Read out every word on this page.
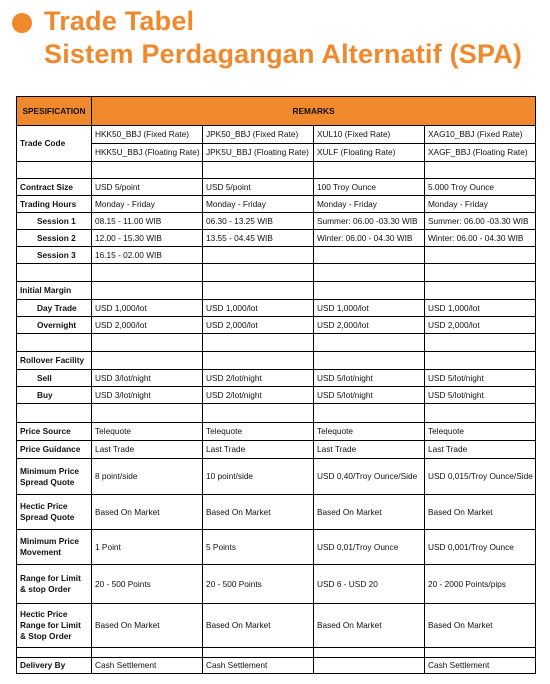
Trade Tabel
Sistem Perdagangan Alternatif (SPA)
SPESIFICATION	REMARKS			
Trade Code	HKK50_BBJ (Fixed Rate)	JPK50_BBJ (Fixed Rate)	XUL10 (Fixed Rate)	XAG10_BBJ (Fixed Rate)
	HKK5U_BBJ (Floating Rate)	JPK5U_BBJ (Floating Rate)	XULF (Floating Rate)	XAGF_BBJ (Floating Rate)

Contract Size	USD 5/point	USD 5/point	100 Troy Ounce	5.000 Troy Ounce
Trading Hours	Monday - Friday	Monday - Friday	Monday - Friday	Monday - Friday
Session 1	08.15 - 11.00 WIB	06.30 - 13.25 WIB	Summer: 06.00 -03.30 WIB	Summer: 06.00 -03.30 WIB
Session 2	12.00 - 15.30 WIB	13.55 - 04.45 WIB	Winter: 06.00 - 04.30 WIB	Winter: 06.00 - 04.30 WIB
Session 3	16.15 - 02.00 WIB			

Initial Margin				
Day Trade	USD 1,000/lot	USD 1,000/lot	USD 1,000/lot	USD 1,000/lot
Overnight	USD 2,000/lot	USD 2,000/lot	USD 2,000/lot	USD 2,000/lot

Rollover Facility				
Sell	USD 3/lot/night	USD 2/lot/night	USD 5/lot/night	USD 5/lot/night
Buy	USD 3/lot/night	USD 2/lot/night	USD 5/lot/night	USD 5/lot/night

Price Source	Telequote	Telequote	Telequote	Telequote
Price Guidance	Last Trade	Last Trade	Last Trade	Last Trade
Minimum Price Spread Quote	8 point/side	10 point/side	USD 0,40/Troy Ounce/Side	USD 0,015/Troy Ounce/Side
Hectic Price Spread Quote	Based On Market	Based On Market	Based On Market	Based On Market
Minimum Price Movement	1 Point	5 Points	USD 0,01/Troy Ounce	USD 0,001/Troy Ounce
Range for Limit & stop Order	20 - 500 Points	20 - 500 Points	USD 6 - USD 20	20 - 2000 Points/pips
Hectic Price Range for Limit & Stop Order	Based On Market	Based On Market	Based On Market	Based On Market

Delivery By	Cash Settlement	Cash Settlement		Cash Settlement
